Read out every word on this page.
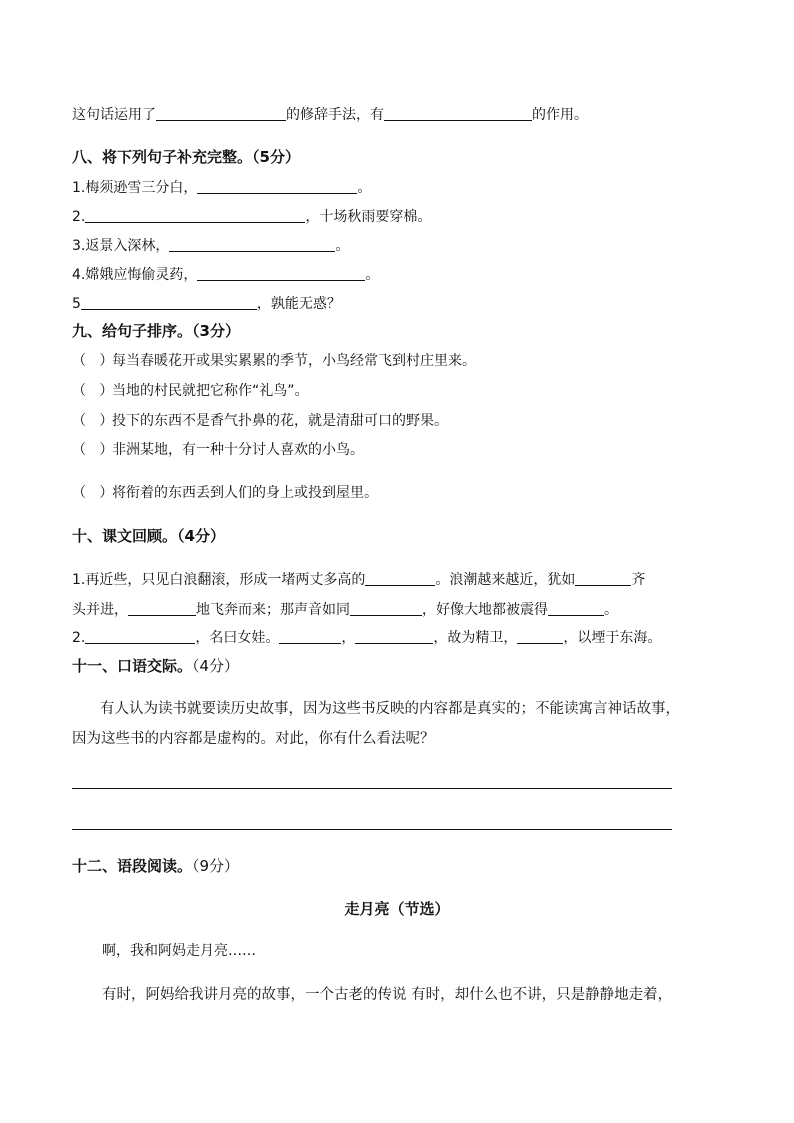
这句话运用了	的修辞手法，有	的作用。
八、将下列句子补充完整。（5分）
1.梅须逊雪三分白，	。
2.	，十场秋雨要穿棉。
3.返景入深林，	。
4.嫦娥应悔偷灵药，	。
5	，孰能无惑？
九、给句子排序。（3分）
（ ）每当春暖花开或果实累累的季节，小鸟经常飞到村庄里来。
（ ）当地的村民就把它称作“礼鸟”。
（ ）投下的东西不是香气扑鼻的花，就是清甜可口的野果。
（ ）非洲某地，有一种十分讨人喜欢的小鸟。
（ ）将衔着的东西丢到人们的身上或投到屋里。
十、课文回顾。（4分）
1.再近些，只见白浪翻滚，形成一堵两丈多高的	。浪潮越来越近，犹如	齐
头并进，	地飞奔而来；那声音如同	，好像大地都被震得	。
2.	，名曰女娃。	，	，故为精卫，	，以堙于东海。
十一、口语交际。（4分）
有人认为读书就要读历史故事，因为这些书反映的内容都是真实的；不能读寓言神话故事，
因为这些书的内容都是虚构的。对此，你有什么看法呢？
十二、语段阅读。（9分）
走月亮（节选）
啊，我和阿妈走月亮……
有时，阿妈给我讲月亮的故事，一个古老的传说 有时，却什么也不讲，只是静静地走着，
